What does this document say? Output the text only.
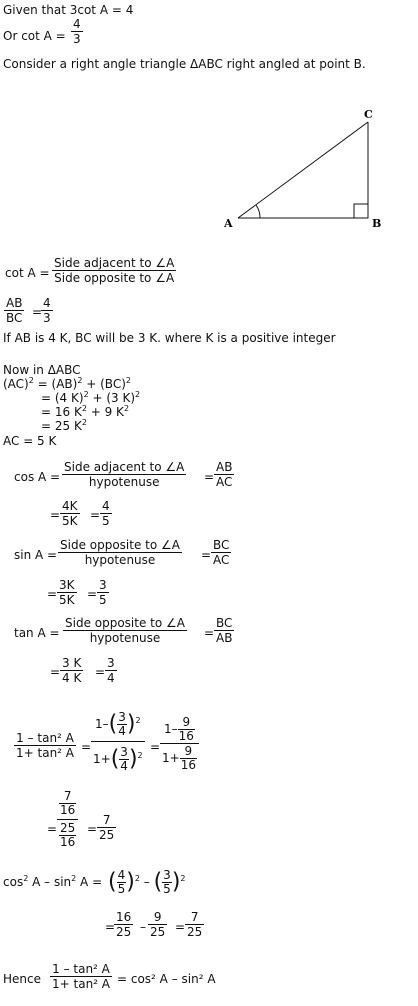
Given that 3cot A = 4
Or $\cot A = \frac{4}{3}$
Consider a right angle triangle ΔABC right angled at point B.
A	B
C
cot A =
Side adjacent to ∠A
Side opposite to ∠A
$\frac{AB}{BC}$ =
$\frac{4}{3}$
If AB is 4 K, BC will be 3 K. where K is a positive integer
Now in ΔABC
(AC)$^2$ = (AB)$^2$ + (BC)$^2$
= (4 K)$^2$ + (3 K)$^2$
= 16 $K^2 + 9$ $K^2$
= 25 $K^2$
AC = 5 K
cos A =
Side adjacent to ∠A
hypotenuse	= $\frac{AB}{AC}$
= $\frac{4K}{5K} = \frac{4}{5}$
sin A =
Side opposite to ∠A
hypotenuse	= $\frac{BC}{AC}$
= $\frac{3K}{5K} = \frac{3}{5}$
tan A =
Side opposite to ∠A
hypotenuse	= $\frac{BC}{AB}$
= $\frac{3 K}{4 K} = \frac{3}{4}$
$\frac{\text{1 – tan² A}}{\text{1+ tan² A}} = \frac{1-( \frac{3}{4} )^2}{1+( \frac{3}{4} )^2} = \frac{1- \frac{9}{16}}{1+ \frac{9}{16}}$
= $\frac{\frac{7}{16}}{\frac{25}{16}} = \frac{7}{25}$
$\cos^2 A - \sin^2 A$ = ( $\frac{4}{5} )^2$ – ( $\frac{3}{5} )^2$
=
$\frac{16}{25} - \frac{9}{25} = \frac{7}{25}$
Hence $\frac{\text{1 – tan² A}}{\text{1+ tan² A}} = \cos^2$ A – sin² A
